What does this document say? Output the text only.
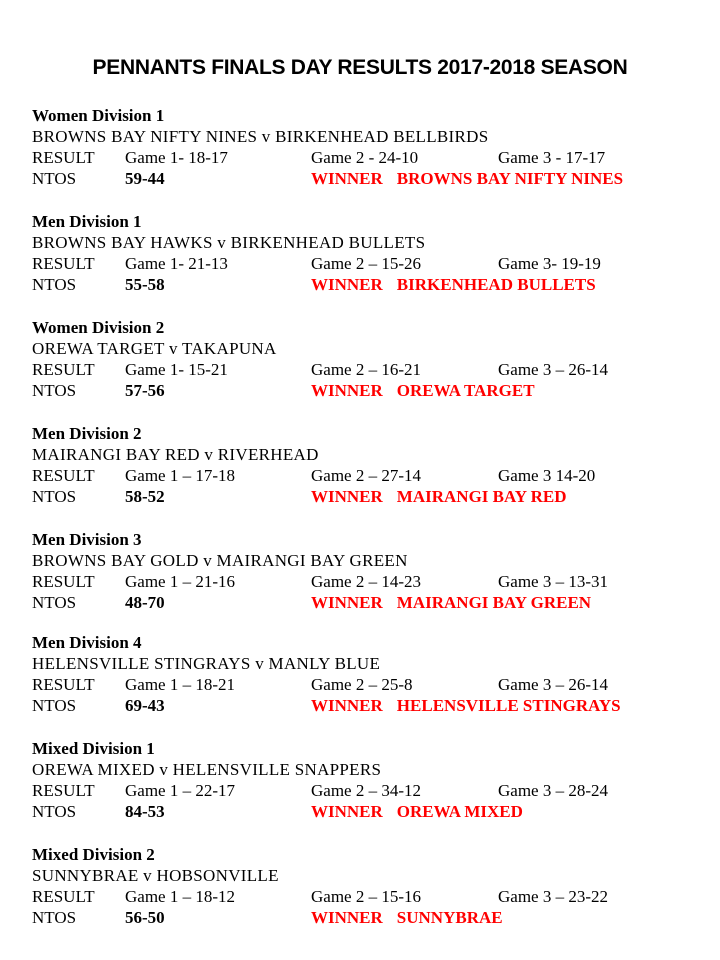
PENNANTS FINALS DAY RESULTS 2017-2018 SEASON
Women Division 1
BROWNS BAY NIFTY NINES v BIRKENHEAD BELLBIRDS
RESULT Game 1- 18-17	Game 2 - 24-10	Game 3 - 17-17
NTOS	59-44	WINNER BROWNS BAY NIFTY NINES
Men Division 1
BROWNS BAY HAWKS v BIRKENHEAD BULLETS
RESULT Game 1- 21-13	Game 2 – 15-26	Game 3- 19-19
NTOS	55-58	WINNER BIRKENHEAD BULLETS
Women Division 2
OREWA TARGET v TAKAPUNA
RESULT Game 1- 15-21	Game 2 – 16-21	Game 3 – 26-14
NTOS	57-56	WINNER OREWA TARGET
Men Division 2
MAIRANGI BAY RED v RIVERHEAD
RESULT Game 1 – 17-18	Game 2 – 27-14	Game 3 14-20
NTOS	58-52	WINNER MAIRANGI BAY RED
Men Division 3
BROWNS BAY GOLD v MAIRANGI BAY GREEN
RESULT Game 1 – 21-16	Game 2 – 14-23	Game 3 – 13-31
NTOS	48-70	WINNER MAIRANGI BAY GREEN
Men Division 4
HELENSVILLE STINGRAYS v MANLY BLUE
RESULT Game 1 – 18-21	Game 2 – 25-8	Game 3 – 26-14
NTOS	69-43	WINNER HELENSVILLE STINGRAYS
Mixed Division 1
OREWA MIXED v HELENSVILLE SNAPPERS
RESULT Game 1 – 22-17	Game 2 – 34-12	Game 3 – 28-24
NTOS	84-53	WINNER OREWA MIXED
Mixed Division 2
SUNNYBRAE v HOBSONVILLE
RESULT Game 1 – 18-12	Game 2 – 15-16	Game 3 – 23-22
NTOS	56-50	WINNER SUNNYBRAE
